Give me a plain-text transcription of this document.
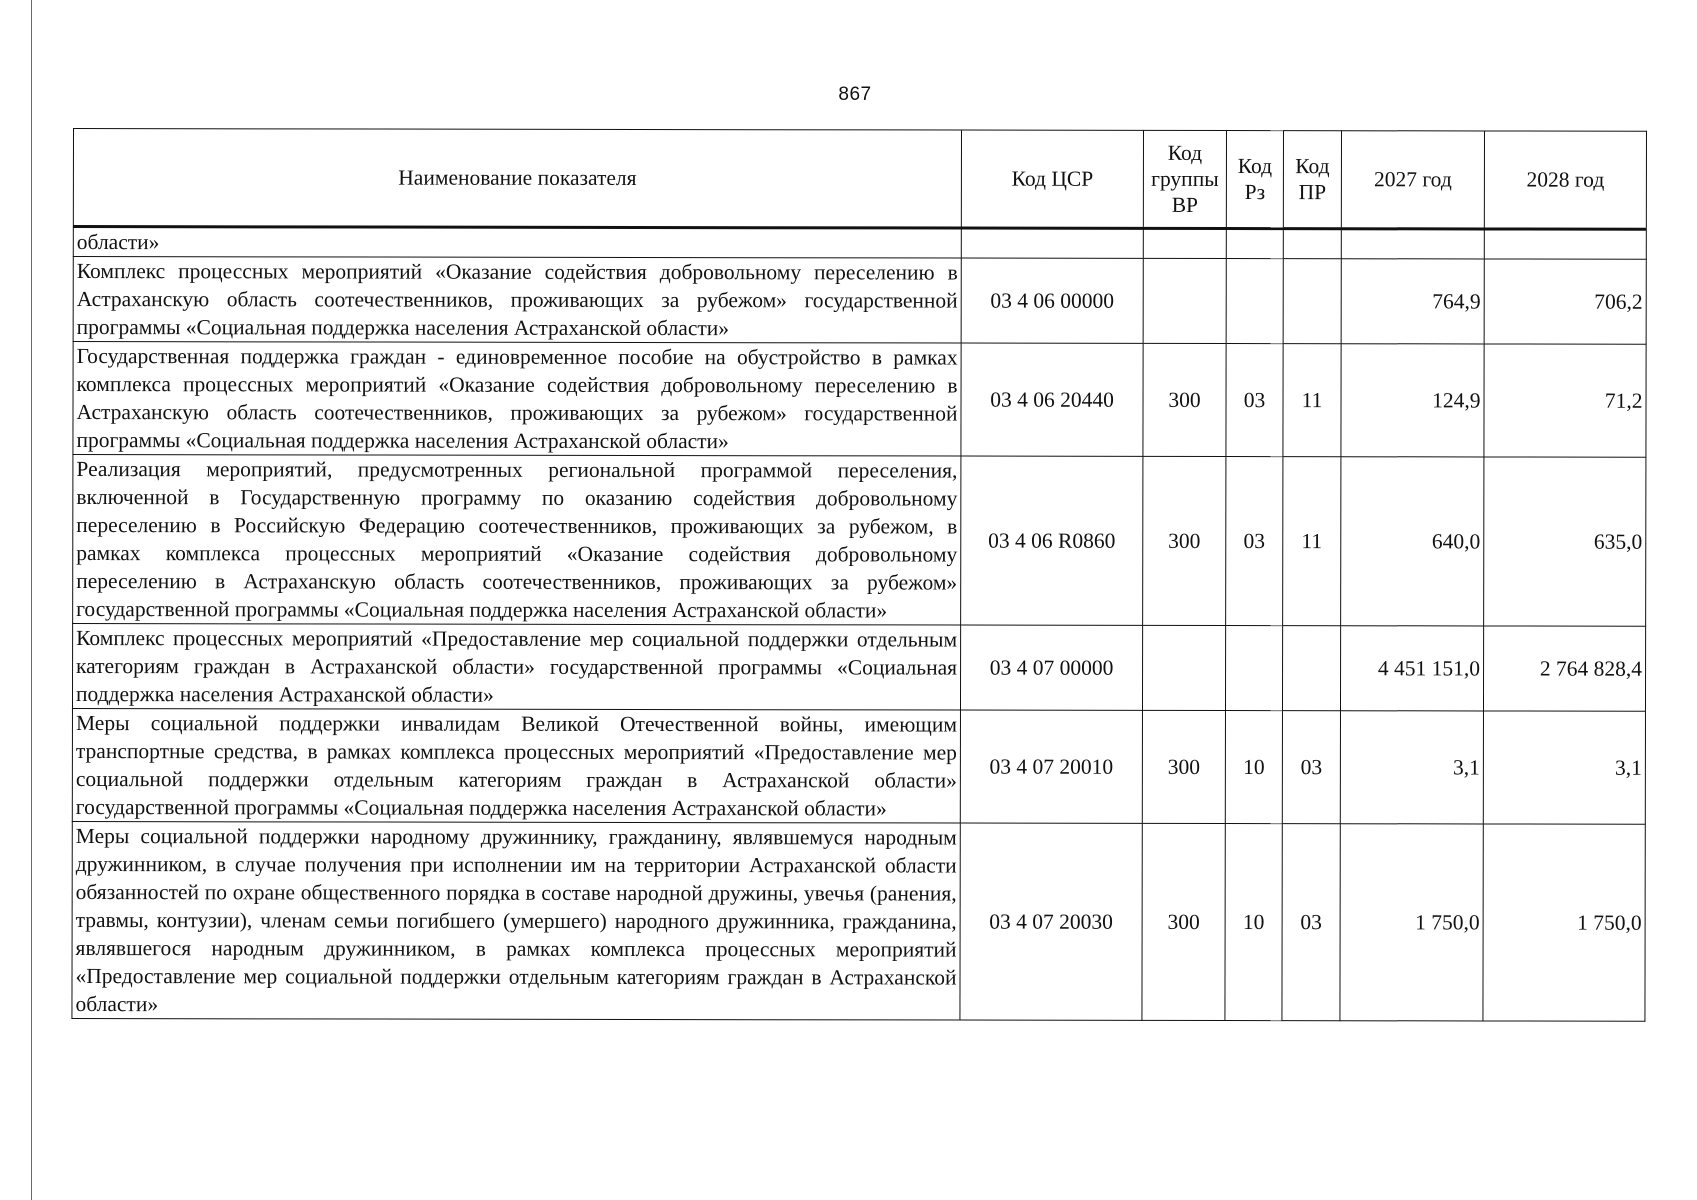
867
Наименование показателя	Код ЦСР	Код группы ВР	Код Рз	Код ПР	2027 год	2028 год
области»						
Комплекс процессных мероприятий «Оказание содействия добровольному переселению в Астраханскую область соотечественников, проживающих за рубежом» государственной программы «Социальная поддержка населения Астраханской области»	03 4 06 00000				764,9	706,2
Государственная поддержка граждан - единовременное пособие на обустройство в рамках комплекса процессных мероприятий «Оказание содействия добровольному переселению в Астраханскую область соотечественников, проживающих за рубежом» государственной программы «Социальная поддержка населения Астраханской области»	03 4 06 20440	300	03	11	124,9	71,2
Реализация мероприятий, предусмотренных региональной программой переселения, включенной в Государственную программу по оказанию содействия добровольному переселению в Российскую Федерацию соотечественников, проживающих за рубежом, в рамках комплекса процессных мероприятий «Оказание содействия добровольному переселению в Астраханскую область соотечественников, проживающих за рубежом» государственной программы «Социальная поддержка населения Астраханской области»	03 4 06 R0860	300	03	11	640,0	635,0
Комплекс процессных мероприятий «Предоставление мер социальной поддержки отдельным категориям граждан в Астраханской области» государственной программы «Социальная поддержка населения Астраханской области»	03 4 07 00000				4 451 151,0	2 764 828,4
Меры социальной поддержки инвалидам Великой Отечественной войны, имеющим транспортные средства, в рамках комплекса процессных мероприятий «Предоставление мер социальной поддержки отдельным категориям граждан в Астраханской области» государственной программы «Социальная поддержка населения Астраханской области»	03 4 07 20010	300	10	03	3,1	3,1
Меры социальной поддержки народному дружиннику, гражданину, являвшемуся народным дружинником, в случае получения при исполнении им на территории Астраханской области обязанностей по охране общественного порядка в составе народной дружины, увечья (ранения, травмы, контузии), членам семьи погибшего (умершего) народного дружинника, гражданина, являвшегося народным дружинником, в рамках комплекса процессных мероприятий «Предоставление мер социальной поддержки отдельным категориям граждан в Астраханской области»	03 4 07 20030	300	10	03	1 750,0	1 750,0
